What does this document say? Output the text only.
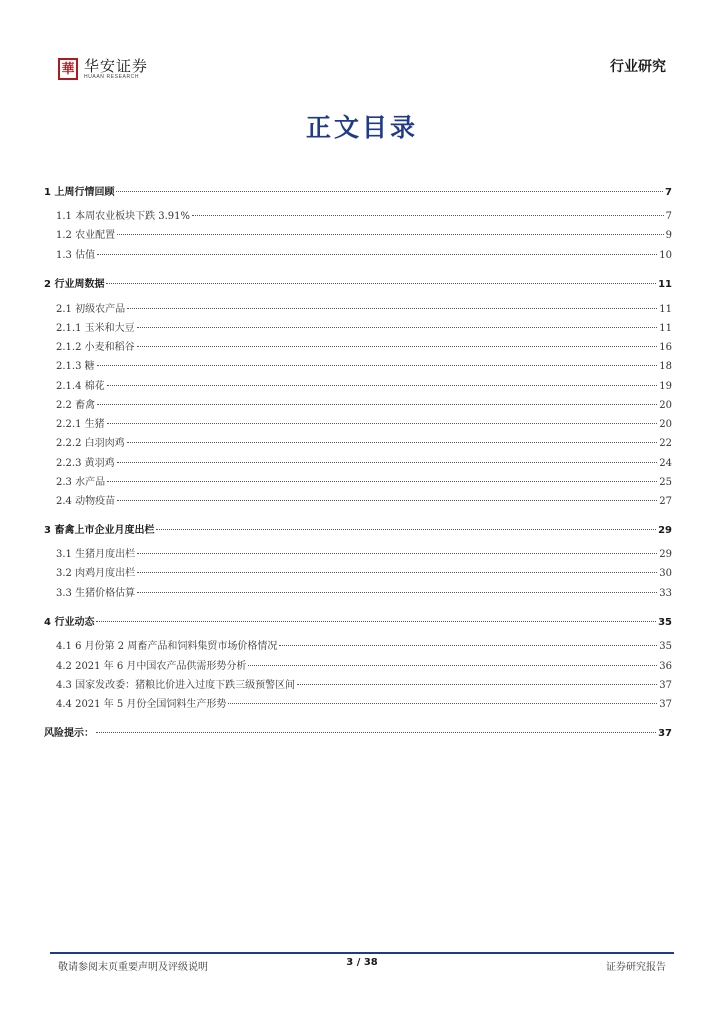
華 华安证券
HUAAN RESEARCH
行业研究
正文目录
1 上周行情回顾	7
1.1 本周农业板块下跌 3.91%	7
1.2 农业配置	9
1.3 估值	10
2 行业周数据	11
2.1 初级农产品	11
2.1.1 玉米和大豆	11
2.1.2 小麦和稻谷	16
2.1.3 糖	18
2.1.4 棉花	19
2.2 畜禽	20
2.2.1 生猪	20
2.2.2 白羽肉鸡	22
2.2.3 黄羽鸡	24
2.3 水产品	25
2.4 动物疫苗	27
3 畜禽上市企业月度出栏	29
3.1 生猪月度出栏	29
3.2 肉鸡月度出栏	30
3.3 生猪价格估算	33
4 行业动态	35
4.1 6 月份第 2 周畜产品和饲料集贸市场价格情况	35
4.2 2021 年 6 月中国农产品供需形势分析	36
4.3 国家发改委：猪粮比价进入过度下跌三级预警区间	37
4.4 2021 年 5 月份全国饲料生产形势	37
风险提示：	37
敬请参阅末页重要声明及评级说明	3 / 38	证券研究报告
